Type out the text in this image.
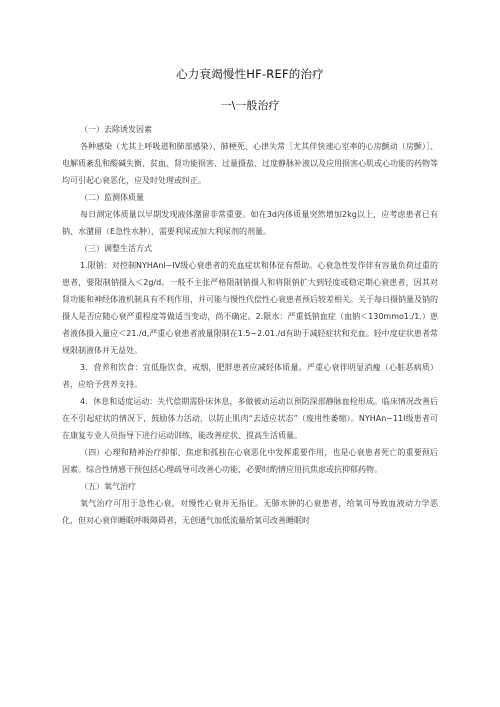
心力衰竭慢性HF-REF的治疗
一\一般治疗

（一）去除诱发因素

各种感染（尤其上呼吸道和肺部感染）、肺梗死、心律失常［尤其伴快速心室率的心房颤动（房颤）］、电解质紊乱和酸碱失衡、贫血、肾功能损害、过量摄盐、过度静脉补液以及应用损害心肌或心功能的药物等均可引起心衰恶化，应及时处理或纠正。

（二）监测体质量

每日测定体质量以早期发现液体潴留非常重要。如在3d内体质量突然增加2kg以上，应考虑患者已有钠、水潴留（E急性水肿），需要利尿或加大利尿剂的剂量。

（三）调整生活方式

1.限钠：对控制NYHAnl~IV级心衰患者的充血症状和体征有帮助。心衰急性发作伴有容量负荷过重的患者，要限制钠摄入＜2g/d。一般不主张严格限制钠摄人和将限钠扩大到轻度或稳定期心衰患者，因其对肾功能和神经体液机制具有不利作用，并可能与慢性代偿性心衰患者预后较差相关。关于每日摄钠量及钠的摄人是否应随心衰严重程度等做适当变动，尚不确定。2.限水：严重低钠血症（血钠＜130mmo1./1.）患者液体摄入量应＜21./d,严重心衰患者液量限制在1.5~2.01./d有助于减轻症状和充血。轻中度症状患者常规限制液体并无益处。

3．营养和饮食：宜低脂饮食，戒烟，肥胖患者应减轻体质量。严重心衰伴明显消瘦（心脏恶病质）者，应给予营养支持。

4．休息和适度运动：失代偿期需卧床休息，多做被动运动以预防深部静脉血栓形成。临床情况改善后在不引起症状的情况下，鼓励体力活动，以防止肌肉“去适应状态”（废用性萎缩）。NYHAn~11I级患者可在康复专业人员指导下进行运动训练，能改善症状、提高生活质量。

（四）心理和精神治疗抑郁、焦虑和孤独在心衰恶化中发挥重要作用，也是心衰患者死亡的重要预后因素。综合性情感干预包括心理疏导可改善心功能，必要时酌情应用抗焦虑或抗抑郁药物。

（五）氧气治疗

氧气治疗可用于急性心衰，对慢性心衰并无指征。无肺水肿的心衰患者，给氧可导致血液动力学恶化，但对心衰伴睡眠呼吸障碍者，无创通气加低流量给氧可改善睡眠时
